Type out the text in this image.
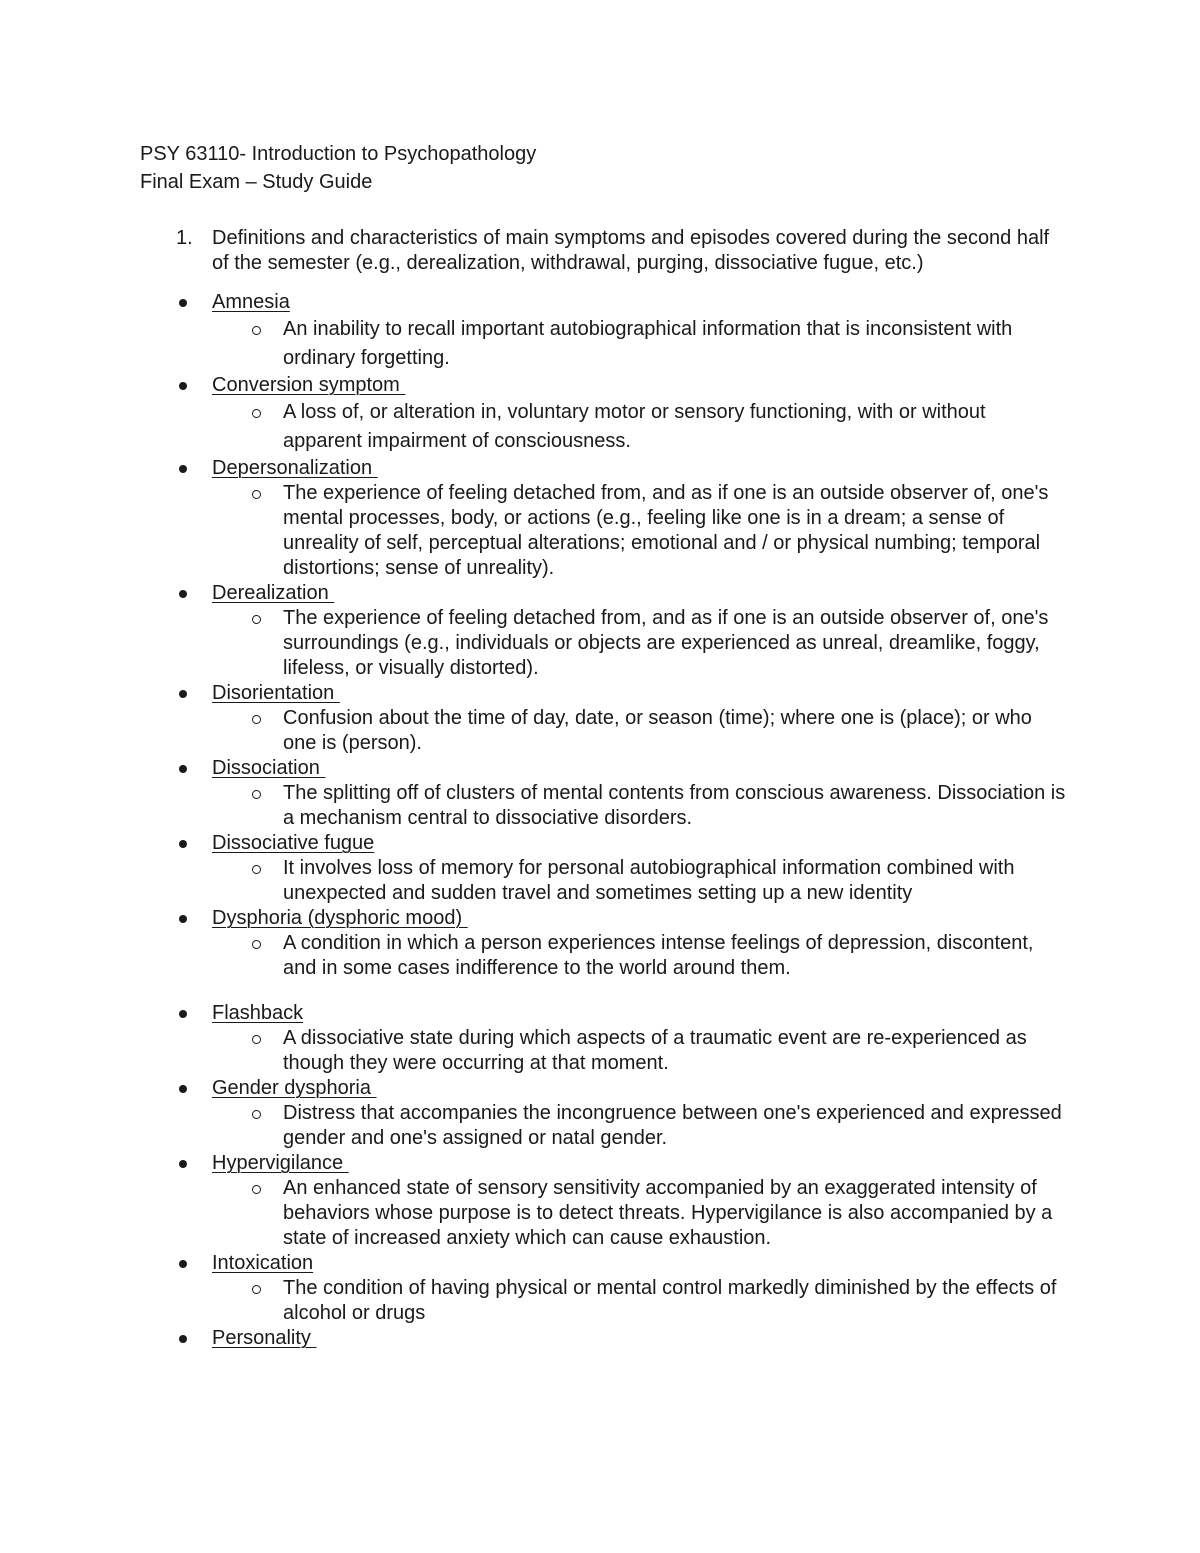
PSY 63110- Introduction to Psychopathology

Final Exam – Study Guide

1. Definitions and characteristics of main symptoms and episodes covered during the second half of the semester (e.g., derealization, withdrawal, purging, dissociative fugue, etc.)
Amnesia
An inability to recall important autobiographical information that is inconsistent with ordinary forgetting.
Conversion symptom
A loss of, or alteration in, voluntary motor or sensory functioning, with or without apparent impairment of consciousness.
Depersonalization
The experience of feeling detached from, and as if one is an outside observer of, one's mental processes, body, or actions (e.g., feeling like one is in a dream; a sense of unreality of self, perceptual alterations; emotional and / or physical numbing; temporal distortions; sense of unreality).
Derealization
The experience of feeling detached from, and as if one is an outside observer of, one's surroundings (e.g., individuals or objects are experienced as unreal, dreamlike, foggy, lifeless, or visually distorted).
Disorientation
Confusion about the time of day, date, or season (time); where one is (place); or who one is (person).
Dissociation
The splitting off of clusters of mental contents from conscious awareness. Dissociation is a mechanism central to dissociative disorders.
Dissociative fugue
It involves loss of memory for personal autobiographical information combined with unexpected and sudden travel and sometimes setting up a new identity
Dysphoria (dysphoric mood)
A condition in which a person experiences intense feelings of depression, discontent, and in some cases indifference to the world around them.
Flashback
A dissociative state during which aspects of a traumatic event are re-experienced as though they were occurring at that moment.
Gender dysphoria
Distress that accompanies the incongruence between one's experienced and expressed gender and one's assigned or natal gender.
Hypervigilance
An enhanced state of sensory sensitivity accompanied by an exaggerated intensity of behaviors whose purpose is to detect threats. Hypervigilance is also accompanied by a state of increased anxiety which can cause exhaustion.
Intoxication
The condition of having physical or mental control markedly diminished by the effects of alcohol or drugs
Personality
